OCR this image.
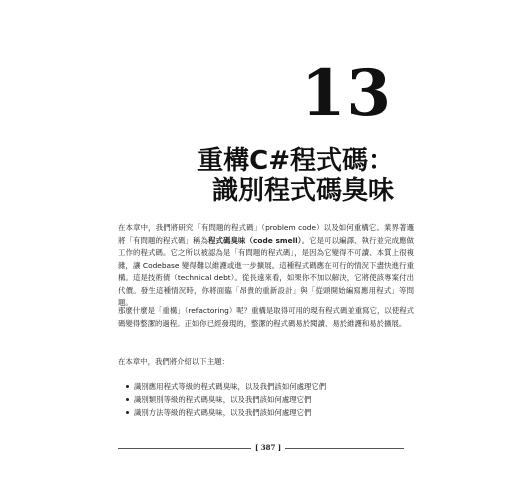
13
重構C#程式碼：
識別程式碼臭味

在本章中，我們將研究「有問題的程式碼」（problem code）以及如何重構它。業界著邏將「有問題的程式碼」稱為程式碼臭味（code smell）。它是可以編譯、執行並完成應做工作的程式碼。它之所以被認為是「有問題的程式碼」，是因為它變得不可讀、本質上很複雜，讓 Codebase 變得難以維護或進一步擴展。這種程式碼應在可行的情況下盡快進行重構。這是技術債（technical debt）。從長遠來看，如果你不加以解決，它將使該專案付出代價。發生這種情況時，你將面臨「昂貴的重新設計」與「從頭開始編寫應用程式」等問題。

那麼什麼是「重構」（refactoring）呢？重構是取得可用的現有程式碼並重寫它，以使程式碼變得整潔的過程。正如你已經發現的，整潔的程式碼易於閱讀、易於維護和易於擴展。

在本章中，我們將介紹以下主題：

識別應用程式等級的程式碼臭味，以及我們該如何處理它們
識別類別等級的程式碼臭味，以及我們該如何處理它們
識別方法等級的程式碼臭味，以及我們該如何處理它們
[ 387 ]
